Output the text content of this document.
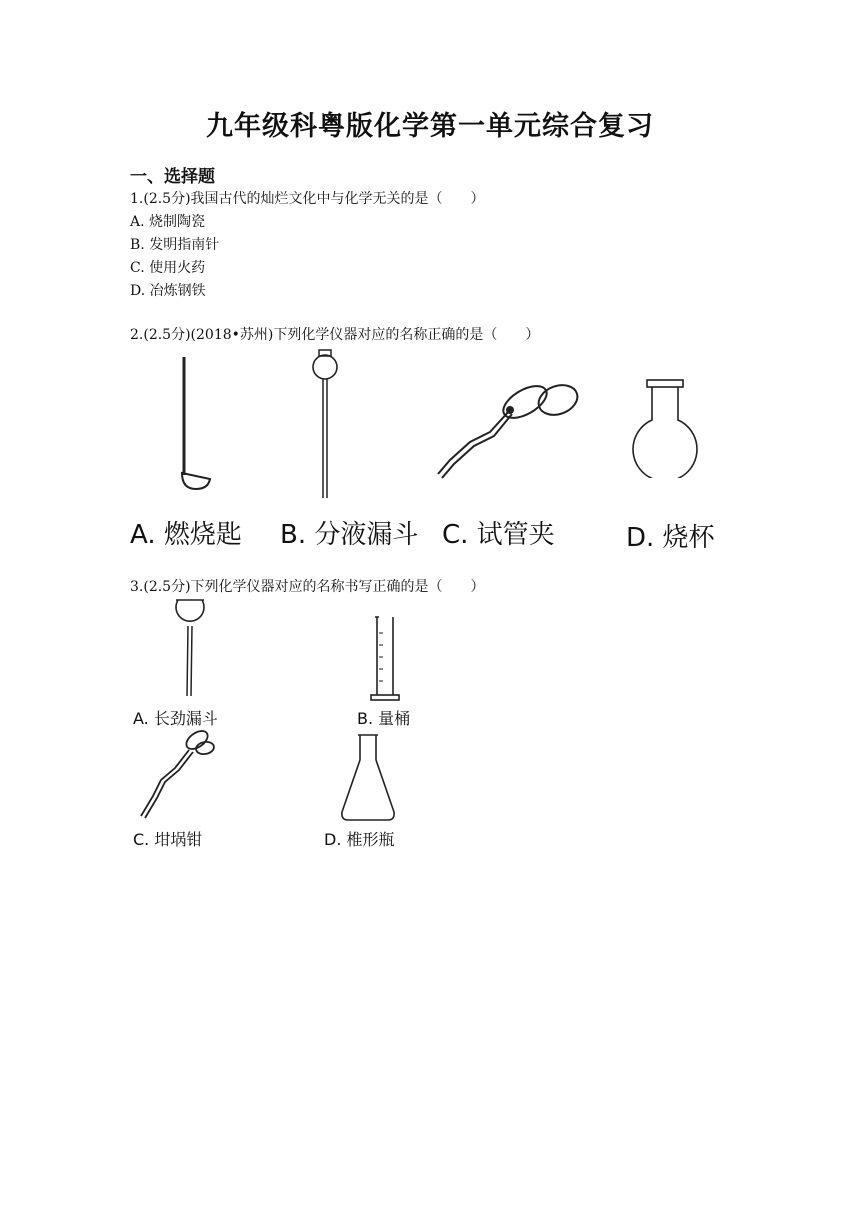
九年级科粤版化学第一单元综合复习
一、选择题
1.(2.5分)我国古代的灿烂文化中与化学无关的是（　　）
A. 烧制陶瓷
B. 发明指南针
C. 使用火药
D. 冶炼钢铁
2.(2.5分)(2018•苏州)下列化学仪器对应的名称正确的是（　　）
A. 燃烧匙 B. 分液漏斗 C. 试管夹	D. 烧杯
3.(2.5分)下列化学仪器对应的名称书写正确的是（　　）
A. 长劲漏斗	B. 量桶
C. 坩埚钳	D. 椎形瓶
